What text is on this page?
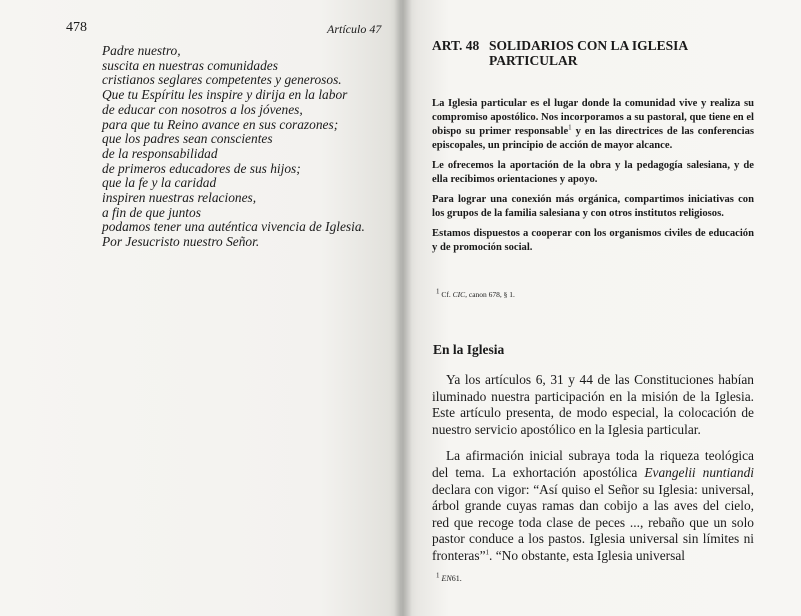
478	Artículo 47
Padre nuestro,
suscita en nuestras comunidades
cristianos seglares competentes y generosos.
Que tu Espíritu les inspire y dirija en la labor
de educar con nosotros a los jóvenes,
para que tu Reino avance en sus corazones;
que los padres sean conscientes
de la responsabilidad
de primeros educadores de sus hijos;
que la fe y la caridad
inspiren nuestras relaciones,
a fin de que juntos
podamos tener una auténtica vivencia de Iglesia.
Por Jesucristo nuestro Señor.
ART. 48 SOLIDARIOS CON LA IGLESIA
PARTICULAR

La Iglesia particular es el lugar donde la comunidad vive y realiza su compromiso apostólico. Nos incorporamos a su pastoral, que tiene en el obispo su primer responsable$^1$ y en las directrices de las conferencias episcopales, un principio de acción de mayor alcance.

Le ofrecemos la aportación de la obra y la pedagogía salesiana, y de ella recibimos orientaciones y apoyo.

Para lograr una conexión más orgánica, compartimos iniciativas con los grupos de la familia salesiana y con otros institutos religiosos.

Estamos dispuestos a cooperar con los organismos civiles de educación y de promoción social.

$^1$ Cf. CIC, canon 678, § 1.
En la Iglesia

Ya los artículos 6, 31 y 44 de las Constituciones habían iluminado nuestra participación en la misión de la Iglesia. Este artículo presenta, de modo especial, la colocación de nuestro servicio apostólico en la Iglesia particular.

La afirmación inicial subraya toda la riqueza teológica del tema. La exhortación apostólica Evangelii nuntiandi declara con vigor: “Así quiso el Señor su Iglesia: universal, árbol grande cuyas ramas dan cobijo a las aves del cielo, red que recoge toda clase de peces ..., rebaño que un solo pastor conduce a los pastos. Iglesia universal sin límites ni fronteras”$^1$. “No obstante, esta Iglesia universal

$^1$ EN61.
